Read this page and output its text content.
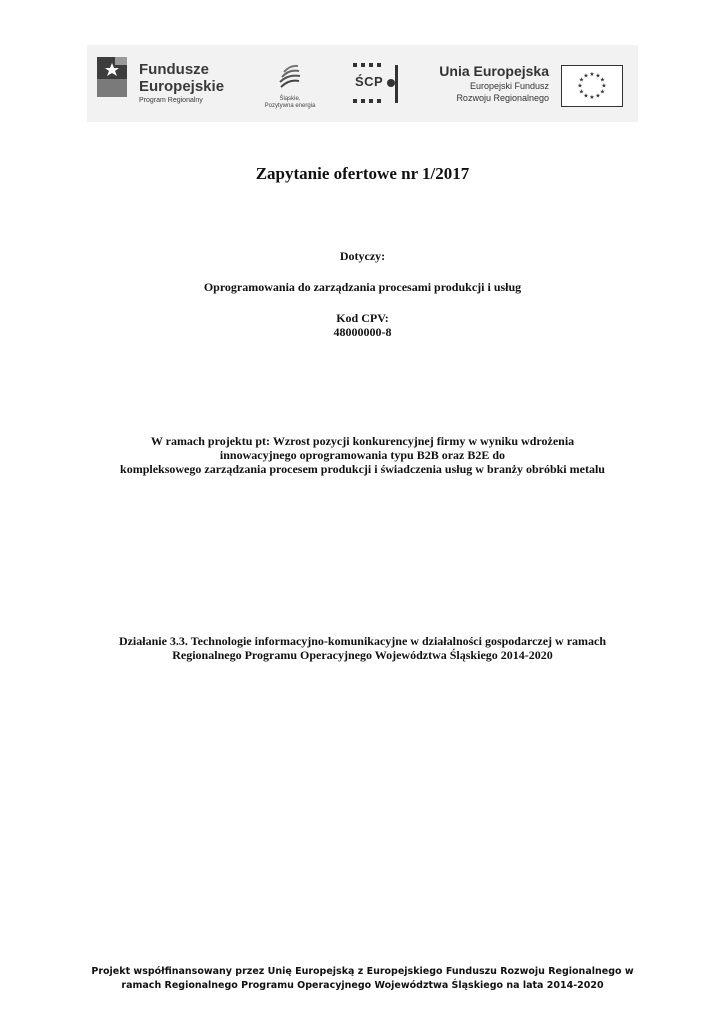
Fundusze
Europejskie
Program Regionalny	Śląskie.
Pozytywna energia
ŚCP
Unia Europejska
Europejski Fundusz
Rozwoju Regionalnego
★ ★
★
★
★
★
★
★
★
★
★
★
Zapytanie ofertowe nr 1/2017
Dotyczy:
Oprogramowania do zarządzania procesami produkcji i usług
Kod CPV:
48000000-8
W ramach projektu pt: Wzrost pozycji konkurencyjnej firmy w wyniku wdrożenia
innowacyjnego oprogramowania typu B2B oraz B2E do
kompleksowego zarządzania procesem produkcji i świadczenia usług w branży obróbki metalu
Działanie 3.3. Technologie informacyjno-komunikacyjne w działalności gospodarczej w ramach
Regionalnego Programu Operacyjnego Województwa Śląskiego 2014-2020
Projekt współfinansowany przez Unię Europejską z Europejskiego Funduszu Rozwoju Regionalnego w
ramach Regionalnego Programu Operacyjnego Województwa Śląskiego na lata 2014-2020
